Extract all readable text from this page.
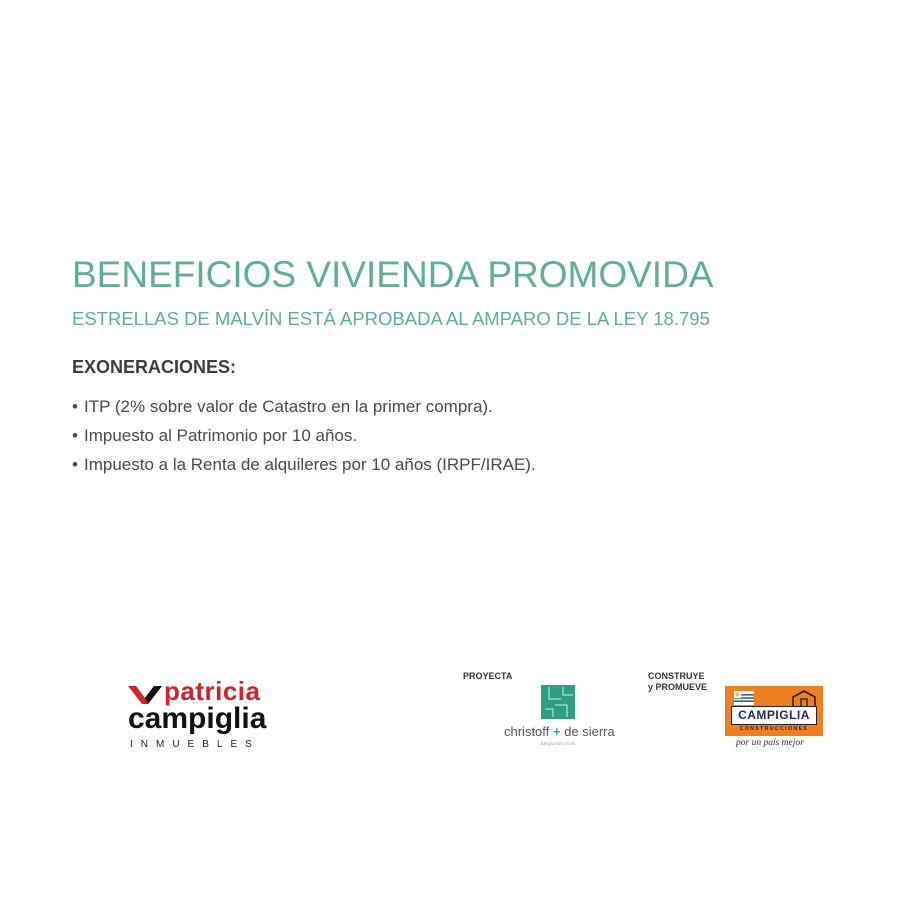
BENEFICIOS VIVIENDA PROMOVIDA
ESTRELLAS DE MALVÍN ESTÁ APROBADA AL AMPARO DE LA LEY 18.795
EXONERACIONES:
• ITP (2% sobre valor de Catastro en la primer compra).
• Impuesto al Patrimonio por 10 años.
• Impuesto a la Renta de alquileres por 10 años (IRPF/IRAE).
patricia
campiglia
INMUEBLES
PROYECTA
christoff + de sierra
ARQUITECTOS
CONSTRUYE
y PROMUEVE
CAMPIGLIA
CONSTRUCCIONES
por un país mejor
